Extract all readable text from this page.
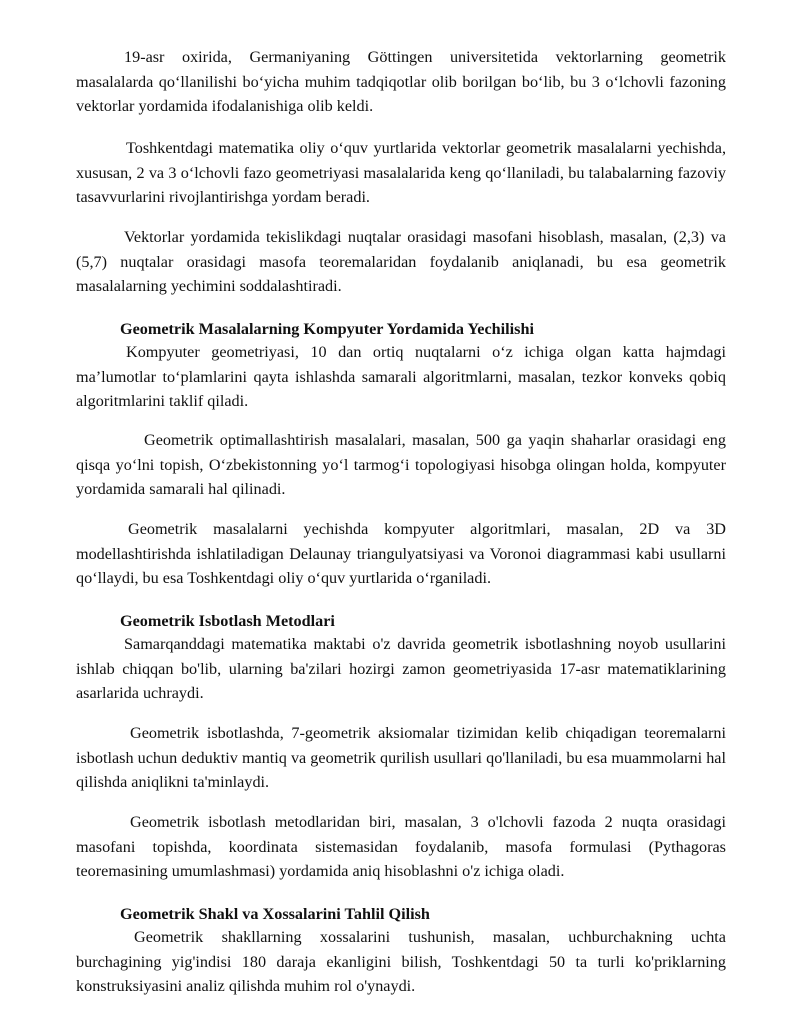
19-asr oxirida, Germaniyaning Göttingen universitetida vektorlarning geometrik masalalarda qo‘llanilishi bo‘yicha muhim tadqiqotlar olib borilgan bo‘lib, bu 3 o‘lchovli fazoning vektorlar yordamida ifodalanishiga olib keldi.

Toshkentdagi matematika oliy o‘quv yurtlarida vektorlar geometrik masalalarni yechishda, xususan, 2 va 3 o‘lchovli fazo geometriyasi masalalarida keng qo‘llaniladi, bu talabalarning fazoviy tasavvurlarini rivojlantirishga yordam beradi.

Vektorlar yordamida tekislikdagi nuqtalar orasidagi masofani hisoblash, masalan, (2,3) va (5,7) nuqtalar orasidagi masofa teoremalaridan foydalanib aniqlanadi, bu esa geometrik masalalarning yechimini soddalashtiradi.

Geometrik Masalalarning Kompyuter Yordamida Yechilishi

Kompyuter geometriyasi, 10 dan ortiq nuqtalarni o‘z ichiga olgan katta hajmdagi ma’lumotlar to‘plamlarini qayta ishlashda samarali algoritmlarni, masalan, tezkor konveks qobiq algoritmlarini taklif qiladi.

Geometrik optimallashtirish masalalari, masalan, 500 ga yaqin shaharlar orasidagi eng qisqa yo‘lni topish, O‘zbekistonning yo‘l tarmog‘i topologiyasi hisobga olingan holda, kompyuter yordamida samarali hal qilinadi.

Geometrik masalalarni yechishda kompyuter algoritmlari, masalan, 2D va 3D modellashtirishda ishlatiladigan Delaunay triangulyatsiyasi va Voronoi diagrammasi kabi usullarni qo‘llaydi, bu esa Toshkentdagi oliy o‘quv yurtlarida o‘rganiladi.

Geometrik Isbotlash Metodlari

Samarqanddagi matematika maktabi o'z davrida geometrik isbotlashning noyob usullarini ishlab chiqqan bo'lib, ularning ba'zilari hozirgi zamon geometriyasida 17-asr matematiklarining asarlarida uchraydi.

Geometrik isbotlashda, 7-geometrik aksiomalar tizimidan kelib chiqadigan teoremalarni isbotlash uchun deduktiv mantiq va geometrik qurilish usullari qo'llaniladi, bu esa muammolarni hal qilishda aniqlikni ta'minlaydi.

Geometrik isbotlash metodlaridan biri, masalan, 3 o'lchovli fazoda 2 nuqta orasidagi masofani topishda, koordinata sistemasidan foydalanib, masofa formulasi (Pythagoras teoremasining umumlashmasi) yordamida aniq hisoblashni o'z ichiga oladi.

Geometrik Shakl va Xossalarini Tahlil Qilish

Geometrik shakllarning xossalarini tushunish, masalan, uchburchakning uchta burchagining yig'indisi 180 daraja ekanligini bilish, Toshkentdagi 50 ta turli ko'priklarning konstruksiyasini analiz qilishda muhim rol o'ynaydi.
